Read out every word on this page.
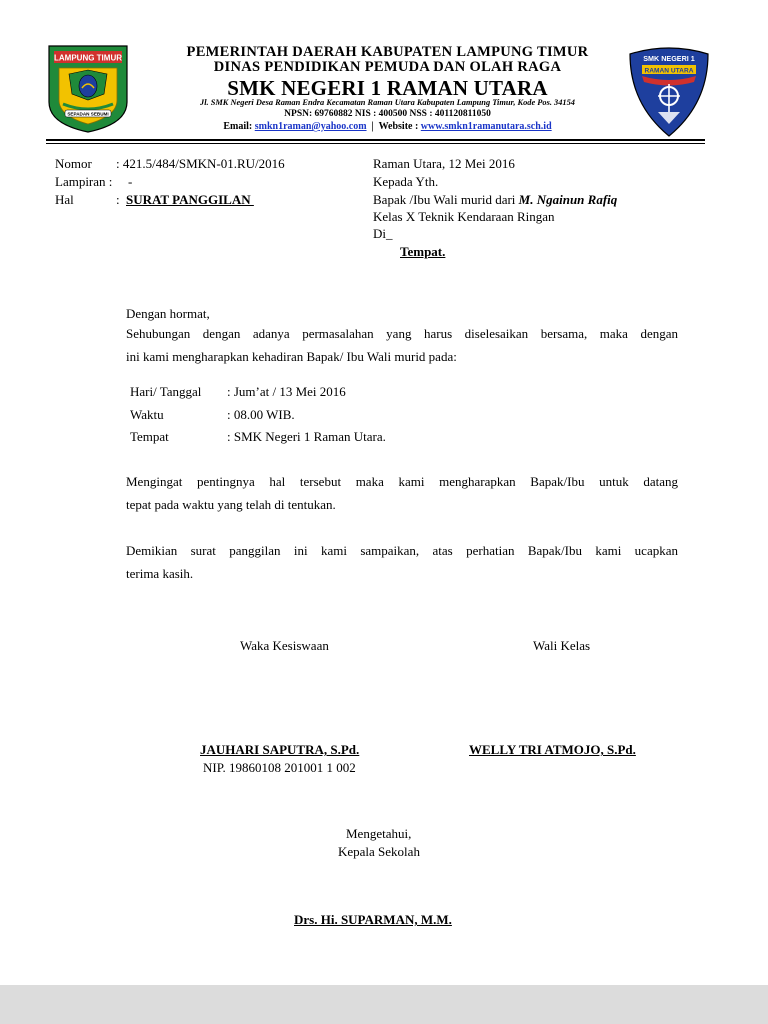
LAMPUNG TIMUR
SEPADAN SEBUMI
SMK NEGERI 1
RAMAN UTARA
PEMERINTAH DAERAH KABUPATEN LAMPUNG TIMUR
DINAS PENDIDIKAN PEMUDA DAN OLAH RAGA
SMK NEGERI 1 RAMAN UTARA
Jl. SMK Negeri Desa Raman Endra Kecamatan Raman Utara Kabupaten Lampung Timur, Kode Pos. 34154
NPSN: 69760882 NIS : 400500 NSS : 401120811050
Email: smkn1raman@yahoo.com | Website : www.smkn1ramanutara.sch.id
Nomor : 421.5/484/SMKN-01.RU/2016
Lampiran : -
Hal	: SURAT PANGGILAN
Raman Utara, 12 Mei 2016
Kepada Yth.
Bapak /Ibu Wali murid dari M. Ngainun Rafiq
Kelas X Teknik Kendaraan Ringan
Di_
Tempat.
Dengan hormat,
Sehubungan dengan adanya permasalahan yang harus diselesaikan bersama, maka dengan
ini kami mengharapkan kehadiran Bapak/ Ibu Wali murid pada:
Hari/ Tanggal : Jum’at / 13 Mei 2016
Waktu	: 08.00 WIB.
Tempat	: SMK Negeri 1 Raman Utara.
Mengingat pentingnya hal tersebut maka kami mengharapkan Bapak/Ibu untuk datang
tepat pada waktu yang telah di tentukan.
Demikian surat panggilan ini kami sampaikan, atas perhatian Bapak/Ibu kami ucapkan
terima kasih.
Waka Kesiswaan	Wali Kelas
JAUHARI SAPUTRA, S.Pd.
NIP. 19860108 201001 1 002
WELLY TRI ATMOJO, S.Pd.
Mengetahui,
Kepala Sekolah
Drs. Hi. SUPARMAN, M.M.
